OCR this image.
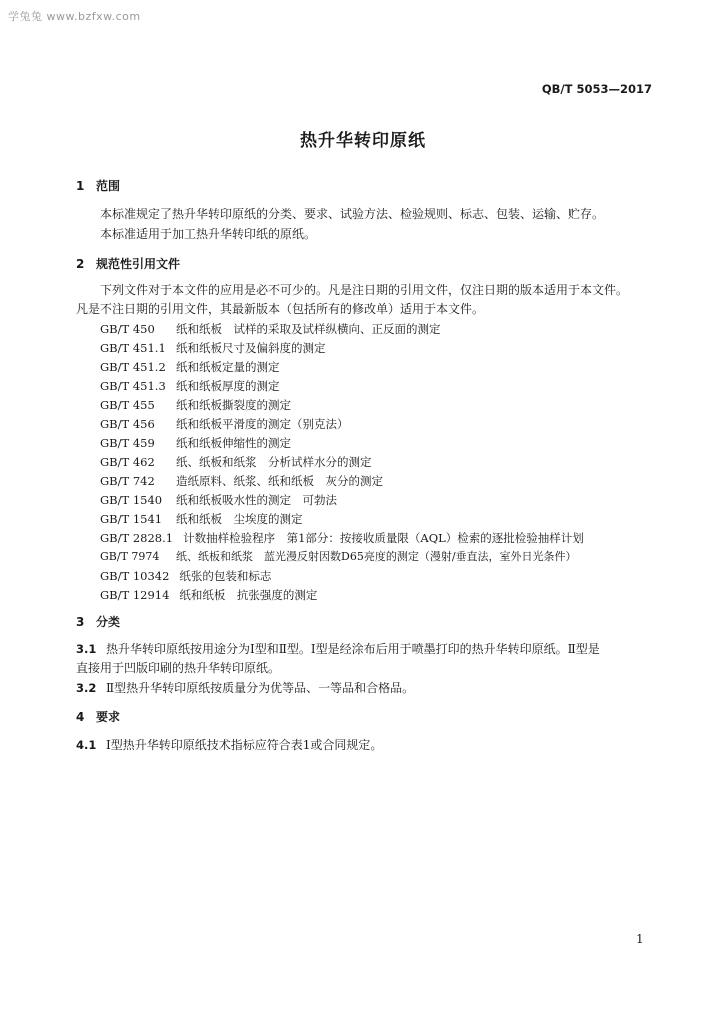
学兔兔 www.bzfxw.com
QB/T 5053—2017
热升华转印原纸
1 范围
本标准规定了热升华转印原纸的分类、要求、试验方法、检验规则、标志、包装、运输、贮存。
本标准适用于加工热升华转印纸的原纸。
2 规范性引用文件
下列文件对于本文件的应用是必不可少的。凡是注日期的引用文件，仅注日期的版本适用于本文件。
凡是不注日期的引用文件，其最新版本（包括所有的修改单）适用于本文件。
GB/T 450 纸和纸板　试样的采取及试样纵横向、正反面的测定
GB/T 451.1 纸和纸板尺寸及偏斜度的测定
GB/T 451.2 纸和纸板定量的测定
GB/T 451.3 纸和纸板厚度的测定
GB/T 455 纸和纸板撕裂度的测定
GB/T 456 纸和纸板平滑度的测定（别克法）
GB/T 459 纸和纸板伸缩性的测定
GB/T 462 纸、纸板和纸浆　分析试样水分的测定
GB/T 742 造纸原料、纸浆、纸和纸板　灰分的测定
GB/T 1540 纸和纸板吸水性的测定　可勃法
GB/T 1541 纸和纸板　尘埃度的测定
GB/T 2828.1 计数抽样检验程序　第1部分：按接收质量限（AQL）检索的逐批检验抽样计划
GB/T 7974 纸、纸板和纸浆　蓝光漫反射因数D65亮度的测定（漫射/垂直法，室外日光条件）
GB/T 10342 纸张的包装和标志
GB/T 12914 纸和纸板　抗张强度的测定
3 分类
3.1 热升华转印原纸按用途分为Ⅰ型和Ⅱ型。Ⅰ型是经涂布后用于喷墨打印的热升华转印原纸。Ⅱ型是
直接用于凹版印刷的热升华转印原纸。
3.2 Ⅱ型热升华转印原纸按质量分为优等品、一等品和合格品。
4 要求
4.1 Ⅰ型热升华转印原纸技术指标应符合表1或合同规定。
1
